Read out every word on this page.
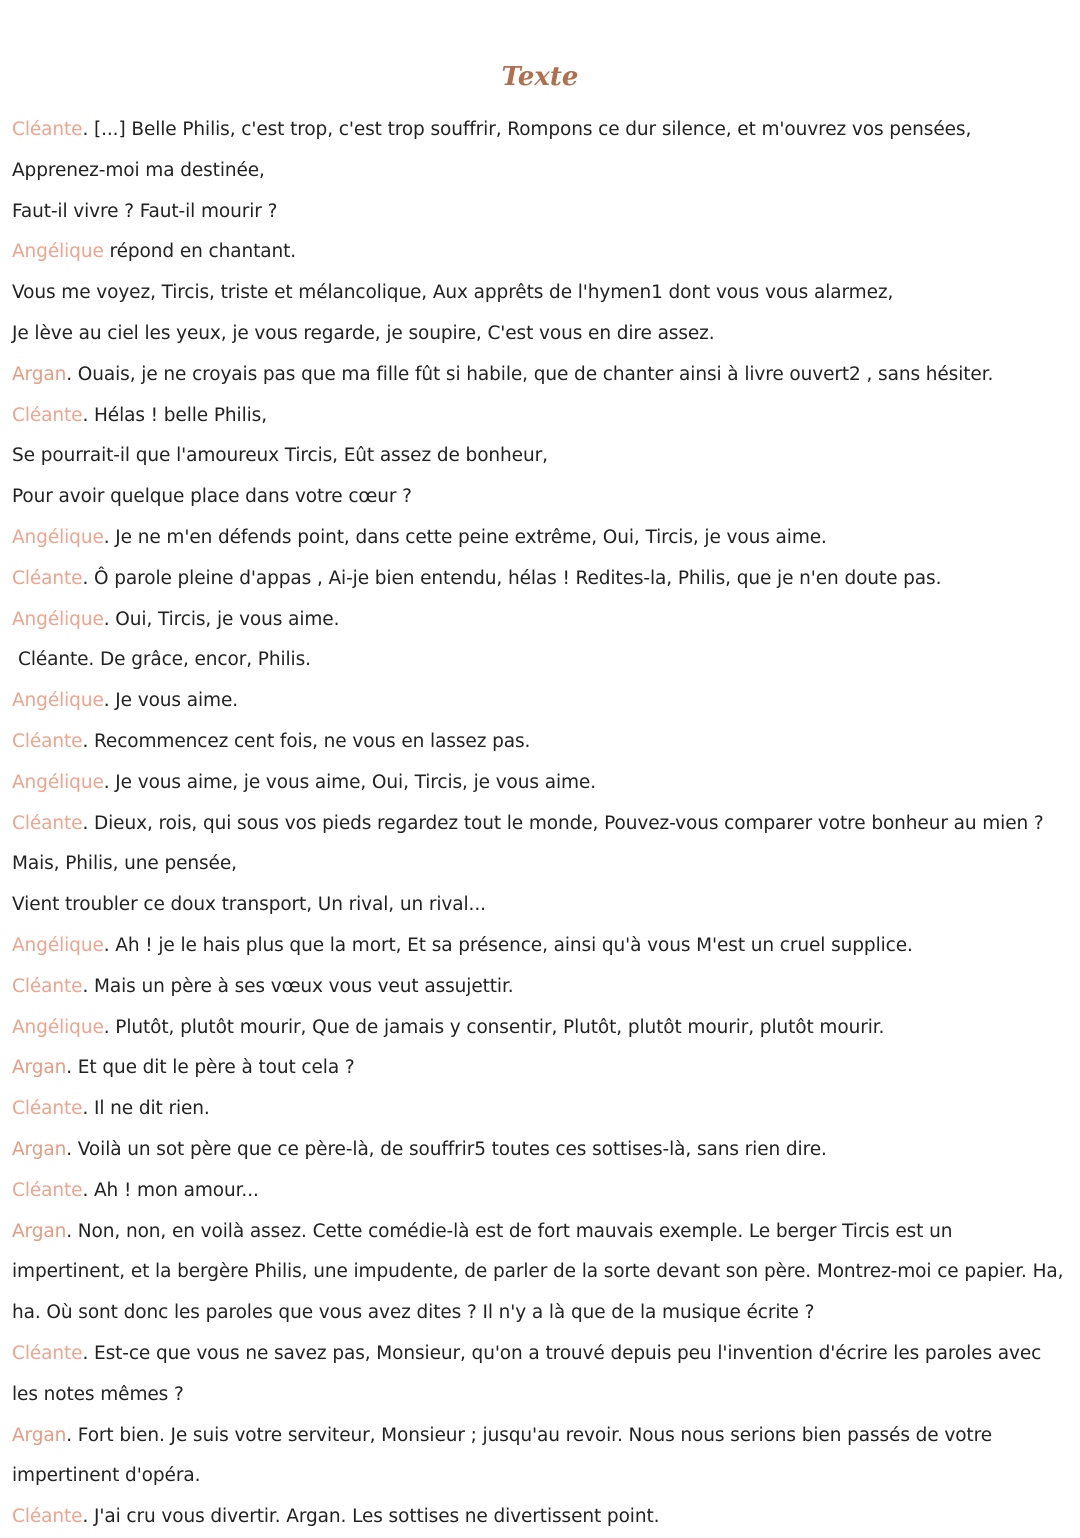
Texte
Cléante. [...] Belle Philis, c'est trop, c'est trop souffrir, Rompons ce dur silence, et m'ouvrez vos pensées, Apprenez-moi ma destinée,
Faut-il vivre ? Faut-il mourir ?
Angélique répond en chantant.
Vous me voyez, Tircis, triste et mélancolique, Aux apprêts de l'hymen1 dont vous vous alarmez,
Je lève au ciel les yeux, je vous regarde, je soupire, C'est vous en dire assez.
Argan. Ouais, je ne croyais pas que ma fille fût si habile, que de chanter ainsi à livre ouvert2 , sans hésiter.
Cléante. Hélas ! belle Philis,
Se pourrait-il que l'amoureux Tircis, Eût assez de bonheur,
Pour avoir quelque place dans votre cœur ?
Angélique. Je ne m'en défends point, dans cette peine extrême, Oui, Tircis, je vous aime.
Cléante. Ô parole pleine d'appas , Ai-je bien entendu, hélas ! Redites-la, Philis, que je n'en doute pas.
Angélique. Oui, Tircis, je vous aime.
Cléante. De grâce, encor, Philis.
Angélique. Je vous aime.
Cléante. Recommencez cent fois, ne vous en lassez pas.
Angélique. Je vous aime, je vous aime, Oui, Tircis, je vous aime.
Cléante. Dieux, rois, qui sous vos pieds regardez tout le monde, Pouvez-vous comparer votre bonheur au mien ?
Mais, Philis, une pensée,
Vient troubler ce doux transport, Un rival, un rival...
Angélique. Ah ! je le hais plus que la mort, Et sa présence, ainsi qu'à vous M'est un cruel supplice.
Cléante. Mais un père à ses vœux vous veut assujettir.
Angélique. Plutôt, plutôt mourir, Que de jamais y consentir, Plutôt, plutôt mourir, plutôt mourir.
Argan. Et que dit le père à tout cela ?
Cléante. Il ne dit rien.
Argan. Voilà un sot père que ce père-là, de souffrir5 toutes ces sottises-là, sans rien dire.
Cléante. Ah ! mon amour...
Argan. Non, non, en voilà assez. Cette comédie-là est de fort mauvais exemple. Le berger Tircis est un impertinent, et la bergère Philis, une impudente, de parler de la sorte devant son père. Montrez-moi ce papier. Ha, ha. Où sont donc les paroles que vous avez dites ? Il n'y a là que de la musique écrite ?
Cléante. Est-ce que vous ne savez pas, Monsieur, qu'on a trouvé depuis peu l'invention d'écrire les paroles avec les notes mêmes ?
Argan. Fort bien. Je suis votre serviteur, Monsieur ; jusqu'au revoir. Nous nous serions bien passés de votre impertinent d'opéra.
Cléante. J'ai cru vous divertir. Argan. Les sottises ne divertissent point.
